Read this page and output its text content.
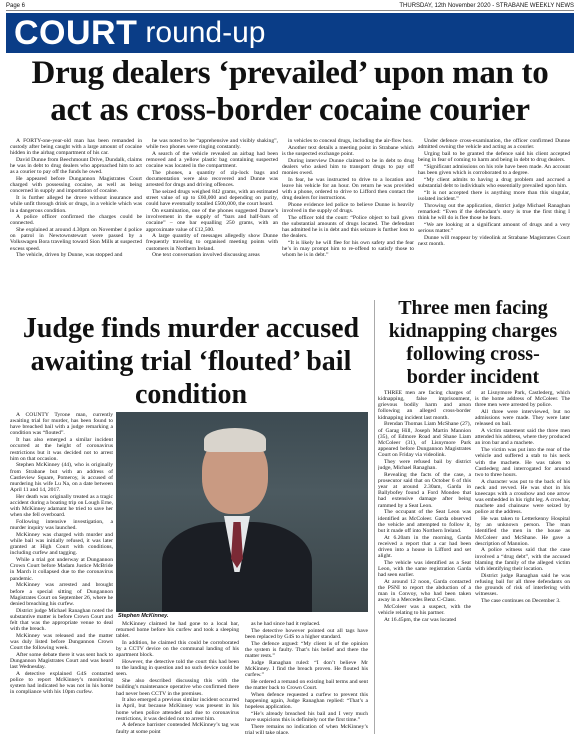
Page 6	THURSDAY, 12th November 2020 - STRABANE WEEKLY NEWS
COURT round-up
Drug dealers ‘prevailed’ upon man to act as cross-border cocaine courier

A FORTY-one-year-old man has been remanded in custody after being caught with a large amount of cocaine hidden in the airbag compartment of his car.

David Dunne from Beechmount Drive, Dundalk, claims he was in debt to drug dealers who approached him to act as a courier to pay off the funds he owed.

He appeared before Dungannon Magistrates Court charged with possessing cocaine, as well as being concerned in supply and importation of cocaine.

It is further alleged he drove without insurance and while unfit through drink or drugs, in a vehicle which was in a dangerous condition.

A police officer confirmed the charges could be connected.

She explained at around 4.30pm on November 4 police on patrol in Newtownstewart were passed by a Volkswagen Bora traveling toward Sion Mills at suspected excess speed.

The vehicle, driven by Dunne, was stopped and

he was noted to be “apprehensive and visibly shaking”, while two phones were ringing constantly.

A search of the vehicle revealed an airbag had been removed and a yellow plastic bag containing suspected cocaine was located in the compartment.

The phones, a quantity of zip-lock bags and documentation were also recovered and Dunne was arrested for drugs and driving offences.

The seized drugs weighed 842 grams, with an estimated street value of up to £60,000 and depending on purity, could have eventually totalled £500,000, the court heard.

On examination, one of the phones suggested Dunne’s involvement in the supply of “bars and half-bars of cocaine” – one bar equalling 250 grams, with an approximate value of £12,500.

A large quantity of messages allegedly show Dunne frequently traveling to organised meeting points with customers in Northern Ireland.

One text conversation involved discussing areas

in vehicles to conceal drugs, including the air-flow box.

Another text details a meeting point in Strabane which is the suspected exchange point.

During interview Dunne claimed to be in debt to drug dealers who asked him to transport drugs to pay off monies owed.

In fear, he was instructed to drive to a location and leave his vehicle for an hour. On return he was provided with a phone, ordered to drive to Lifford then contact the drug dealers for instructions.

Phone evidence led police to believe Dunne is heavily involved in the supply of drugs.

The officer told the court: “Police object to bail given the substantial amounts of drugs located. The defendant has admitted he is in debt and this seizure is further loss to the dealers.

“It is likely he will flee for his own safety and the fear he’s in may prompt him to re-offend to satisfy those to whom he is in debt.”

Under defence cross-examination, the officer confirmed Dunne admitted owning the vehicle and acting as a courier.

Urging bail to be granted the defence said his client accepted being in fear of coming to harm and being in debt to drug dealers.

“Significant admissions on his role have been made. An account has been given which is corroborated to a degree.

“My client admits to having a drug problem and accrued a substantial debt to individuals who essentially prevailed upon him.

“It is not accepted there is anything more than this singular, isolated incident.”

Throwing out the application, district judge Michael Ranaghan remarked: “Even if the defendant’s story is true the first thing I think he will do is flee those he fears.

“We are looking at a significant amount of drugs and a very serious matter.”

Dunne will reappear by videolink at Strabane Magistrates Court next month.

Judge finds murder accused awaiting trial ‘flouted’ bail condition

A COUNTY Tyrone man, currently awaiting trial for murder, has been found to have breached bail with a judge remarking a condition was “flouted”.

It has also emerged a similar incident occurred at the height of coronavirus restrictions but it was decided not to arrest him on that occasion.

Stephen McKinney (44), who is originally from Strabane but with an address of Castleview Square, Pomeroy, is accused of murdering his wife Lu Na, on a date between April 11 and 14, 2017.

Her death was originally treated as a tragic accident during a boating trip on Lough Erne, with McKinney adamant he tried to save her when she fell overboard.

Following intensive investigation, a murder inquiry was launched.

McKinney was charged with murder and while bail was initially refused, it was later granted at High Court with conditions, including curfew and tagging.

While a trial got underway at Dungannon Crown Court before Madam Justice McBride in March it collapsed due to the coronavirus pandemic.

McKinney was arrested and brought before a special sitting of Dungannon Magistrates Court on September 26, where he denied breaching his curfew.

District judge Michael Ranaghan noted the substantive matter is before Crown Court and felt that was the appropriate venue to deal with the breach.

McKinney was released and the matter was duly listed before Dungannon Crown Court the following week.

After some debate there it was sent back to Dungannon Magistrates Court and was heard last Wednesday.

A detective explained G4S contacted police to report McKinney’s monitoring system had indicated he was not in his home in compliance with his 10pm curfew.

Stephen McKinney.

McKinney claimed he had gone to a local bar, returned home before his curfew and took a sleeping tablet.

In addition, he claimed this could be corroborated by a CCTV device on the communal landing of his apartment block.

However, the detective told the court this had been to the landing in question and no such device could be seen.

She also described discussing this with the building’s maintenance operative who confirmed there had never been CCTV in the premises.

It also emerged a previous similar incident occurred in April, but because McKinney was present in his home when police attended and due to coronavirus restrictions, it was decided not to arrest him.

A defence barrister contended McKinney’s tag was faulty at some point

as he had since had it replaced.

The detective however pointed out all tags have been replaced by G4S to a higher standard.

The defence argued: “My client is of the opinion the system is faulty. That’s his belief and there the matter rests.”

Judge Ranaghan ruled: “I don’t believe Mr McKinney. I find the breach proven. He flouted his curfew.”

He ordered a remand on existing bail terms and sent the matter back to Crown Court.

When defence requested a curfew to prevent this happening again, Judge Ranaghan replied: “That’s a hopeless application.

“He’s already breached his bail and I very much have suspicions this is definitely not the first time.”

There remains no indication of when McKinney’s trial will take place.

Three men facing kidnapping charges following cross-border incident

THREE men are facing charges of kidnapping, false imprisonment, grievous bodily harm and arson following an alleged cross-border kidnapping incident last month.

Brendan Thomas Liam McShane (27), of Garag Hill, Joseph Martin Mannion (35), of Edmore Road and Shane Liam McColeer (31), of Lisnymore Park appeared before Dungannon Magistrates Court on Friday via videolink.

They were refused bail by district judge, Michael Ranaghan.

Revealing the facts of the case, a prosecutor said that on October 6 of this year at around 2.30am, Garda in Ballybofey found a Ford Mondeo that had extensive damage after being rammed by a Seat Leon.

The occupant of the Seat Leon was identified as McColeer. Garda observed the vehicle and attempted to follow it, but it made off into Northern Ireland.

At 6.20am in the morning, Garda received a report that a car had been driven into a house in Lifford and set alight.

The vehicle was identified as a Seat Leon, with the same registration Garda had seen earlier.

At around 12 noon, Garda contacted the PSNI to report the abduction of a man in Convoy, who had been taken away in a Mercedes Benz C-Class.

McColeer was a suspect, with the vehicle relating to his partner.

At 16.45pm, the car was located

at Lisnymore Park, Castlederg, which is the home address of McColeer. The three men were arrested by police.

All three were interviewed, but no admissions were made. They were later released on bail.

A victim statement said the three men attended his address, where they produced an iron bar and a machete.

The victim was put into the rear of the vehicle and suffered a stab to his neck with the machete. He was taken to Castlederg and interrogated for around two to three hours.

A character was put to the back of his neck and revved. He was shot in his kneecaps with a crossbow and one arrow was embedded in his right leg. A crowbar, machete and chainsaw were seized by police at the address.

He was taken to Letterkenny Hospital by an unknown person. The man identified the men in the house as McColeer and McShane. He gave a description of Mannion.

A police witness said that the case involved a “drug debt”, with the accused blaming the family of the alleged victim with identifying their location.

District judge Ranaghan said he was refusing bail for all three defendants on the grounds of risk of interfering with witnesses.

The case continues on December 3.
